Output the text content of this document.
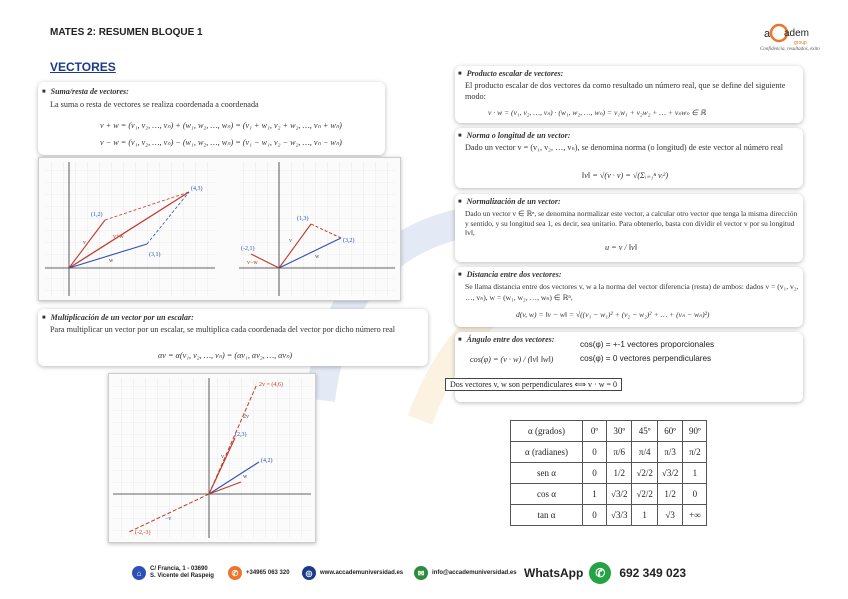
MATES 2: RESUMEN BLOQUE 1	a adem
group
Confidencia, resultados, éxito
VECTORES
■ Suma/resta de vectores:
La suma o resta de vectores se realiza coordenada a coordenada
v + w = (v₁, v₂, …, vₙ) + (w₁, w₂, …, wₙ) = (v₁ + w₁, v₂ + w₂, …, vₙ + wₙ)
v − w = (v₁, v₂, …, vₙ) − (w₁, w₂, …, wₙ) = (v₁ − w₁, v₂ − w₂, …, vₙ − wₙ)
(4,3)
(1,2)
(3,1)
v+w
v
w
(1,3)
(3,2)
(-2,1)
v
w
v−w
■ Multiplicación de un vector por un escalar:
Para multiplicar un vector por un escalar, se multiplica cada coordenada del vector por dicho número real
αv = α(v₁, v₂, …, vₙ) = (αv₁, αv₂, …, αvₙ)
2v = (4,6)
(2,3)
(4,2)
(-2,-3)
v
w
2v
−v
■ Producto escalar de vectores:
El producto escalar de dos vectores da como resultado un número real, que se define del siguiente modo:
v · w = (v₁, v₂, …, vₙ) · (w₁, w₂, …, wₙ) = v₁w₁ + v₂w₂ + … + vₙwₙ ∈ ℝ
■ Norma o longitud de un vector:
Dado un vector v = (v₁, v₂, …, vₙ), se denomina norma (o longitud) de este vector al número real
‖v‖ = √(v · v) = √(Σᵢ₌₁ⁿ vᵢ²)
■ Normalización de un vector:
Dado un vector v ∈ ℝⁿ, se denomina normalizar este vector, a calcular otro vector que tenga la misma dirección y sentido, y su longitud sea 1, es decir, sea unitario. Para obtenerlo, basta con dividir el vector v por su longitud ‖v‖,
u = v / ‖v‖
■ Distancia entre dos vectores:
Se llama distancia entre dos vectores v, w a la norma del vector diferencia (resta) de ambos: dados v = (v₁, v₂, …, vₙ), w = (w₁, w₂, …, wₙ) ∈ ℝⁿ,
d(v, w) = ‖v − w‖ = √((v₁ − w₁)² + (v₂ − w₂)² + … + (vₙ − wₙ)²)
■ Ángulo entre dos vectores:
cos(φ) = (v · w) / (‖v‖ ‖w‖)
cos(φ) = +-1 vectores proporcionales
cos(φ) = 0 vectores perpendiculares
Dos vectores v, w son perpendiculares ⟺ v · w = 0
α (grados)	0º	30º	45º	60º	90º
α (radianes)	0	π/6	π/4	π/3	π/2
sen α	0	1/2	√2/2	√3/2	1
cos α	1	√3/2	√2/2	1/2	0
tan α	0	√3/3	1	√3	+∞
⌂	C/ Francia, 1 - 03690
S. Vicente del Raspeig	✆	+34965 063 320	◎	www.accademuniversidad.es	✉	info@accademuniversidad.es WhatsApp ✆	692 349 023
